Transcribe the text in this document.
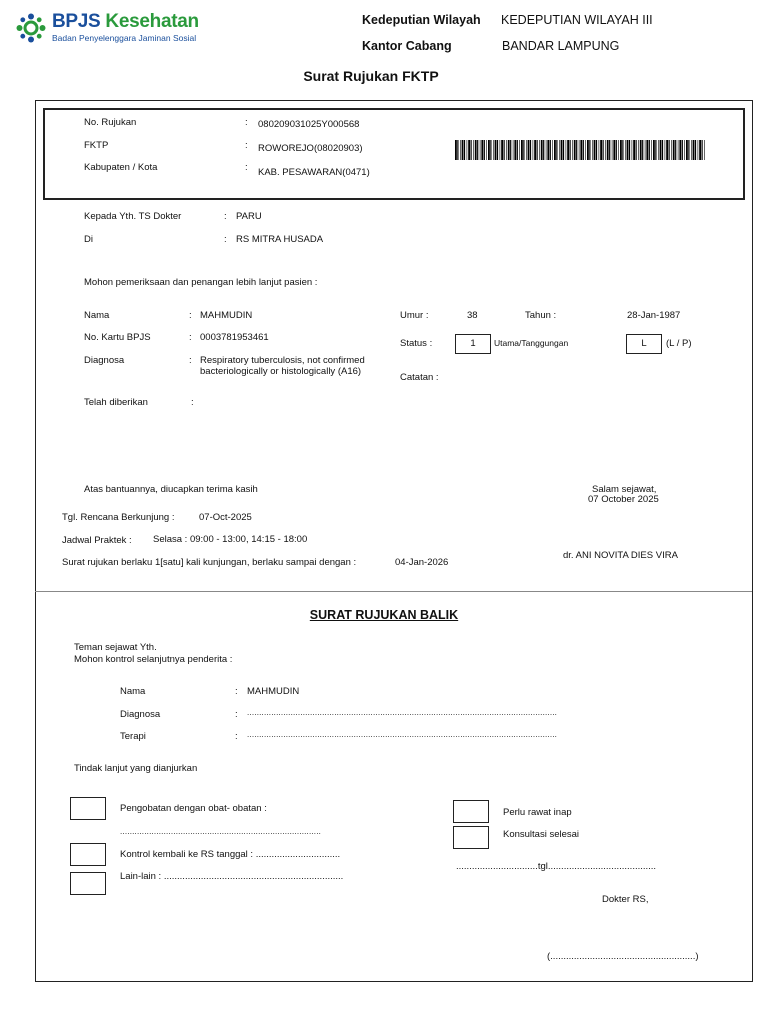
BPJS Kesehatan
Badan Penyelenggara Jaminan Sosial
Kedeputian Wilayah KEDEPUTIAN WILAYAH III
Kantor Cabang	BANDAR LAMPUNG
Surat Rujukan FKTP
No. Rujukan	: 080209031025Y000568
FKTP	: ROWOREJO(08020903)
Kabupaten / Kota	: KAB. PESAWARAN(0471)
Kepada Yth. TS Dokter	: PARU
Di	: RS MITRA HUSADA
Mohon pemeriksaan dan penangan lebih lanjut pasien :
Nama	: MAHMUDIN
No. Kartu BPJS	: 0003781953461
Diagnosa	: Respiratory tuberculosis, not confirmed
bacteriologically or histologically (A16)
Telah diberikan	:
Umur :	38	Tahun :	28-Jan-1987
Status :	1	Utama/Tanggungan	L	(L / P)
Catatan :
Atas bantuannya, diucapkan terima kasih	Salam sejawat,
07 October 2025
Tgl. Rencana Berkunjung :	07-Oct-2025
Jadwal Praktek : Selasa : 09:00 - 13:00, 14:15 - 18:00
Surat rujukan berlaku 1[satu] kali kunjungan, berlaku sampai dengan :	04-Jan-2026
dr. ANI NOVITA DIES VIRA
SURAT RUJUKAN BALIK
Teman sejawat Yth.
Mohon kontrol selanjutnya penderita :
Nama	: MAHMUDIN
Diagnosa	: ................................................................................................................................
Terapi	: ................................................................................................................................
Tindak lanjut yang dianjurkan
Pengobatan dengan obat- obatan :
...................................................................................
Kontrol kembali ke RS tanggal : ................................
Lain-lain : ....................................................................
Perlu rawat inap
Konsultasi selesai
...............................tgl.........................................
Dokter RS,
(.......................................................)
